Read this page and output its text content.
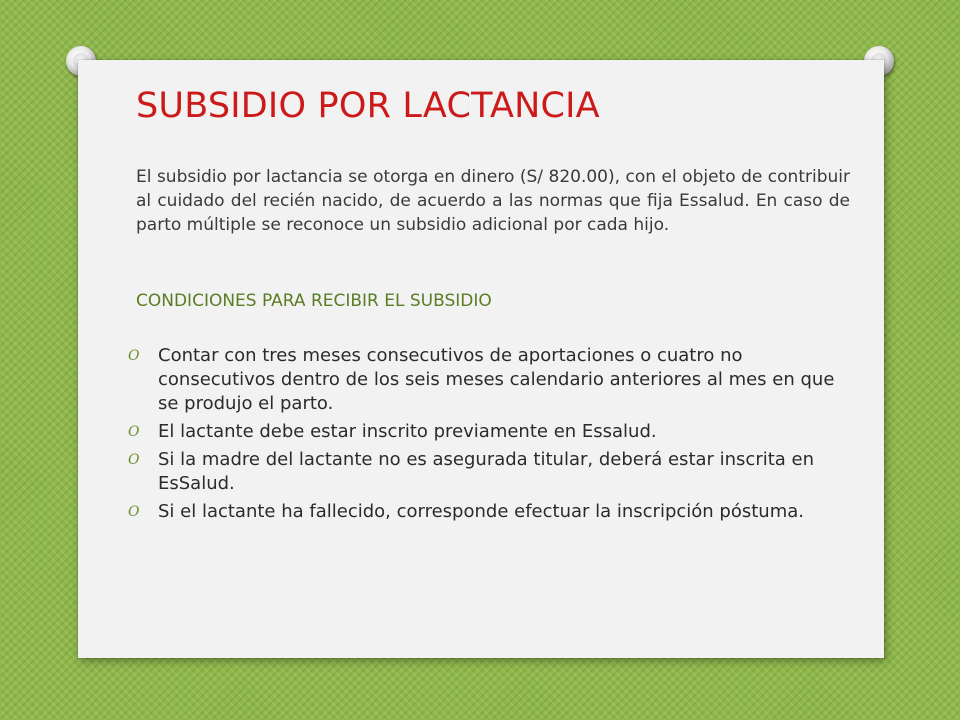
SUBSIDIO POR LACTANCIA

El subsidio por lactancia se otorga en dinero (S/ 820.00), con el objeto de contribuir al cuidado del recién nacido, de acuerdo a las normas que fija Essalud. En caso de parto múltiple se reconoce un subsidio adicional por cada hijo.

CONDICIONES PARA RECIBIR EL SUBSIDIO
O Contar con tres meses consecutivos de aportaciones o cuatro no consecutivos dentro de los seis meses calendario anteriores al mes en que se produjo el parto.
O El lactante debe estar inscrito previamente en Essalud.
O Si la madre del lactante no es asegurada titular, deberá estar inscrita en EsSalud.
O Si el lactante ha fallecido, corresponde efectuar la inscripción póstuma.
